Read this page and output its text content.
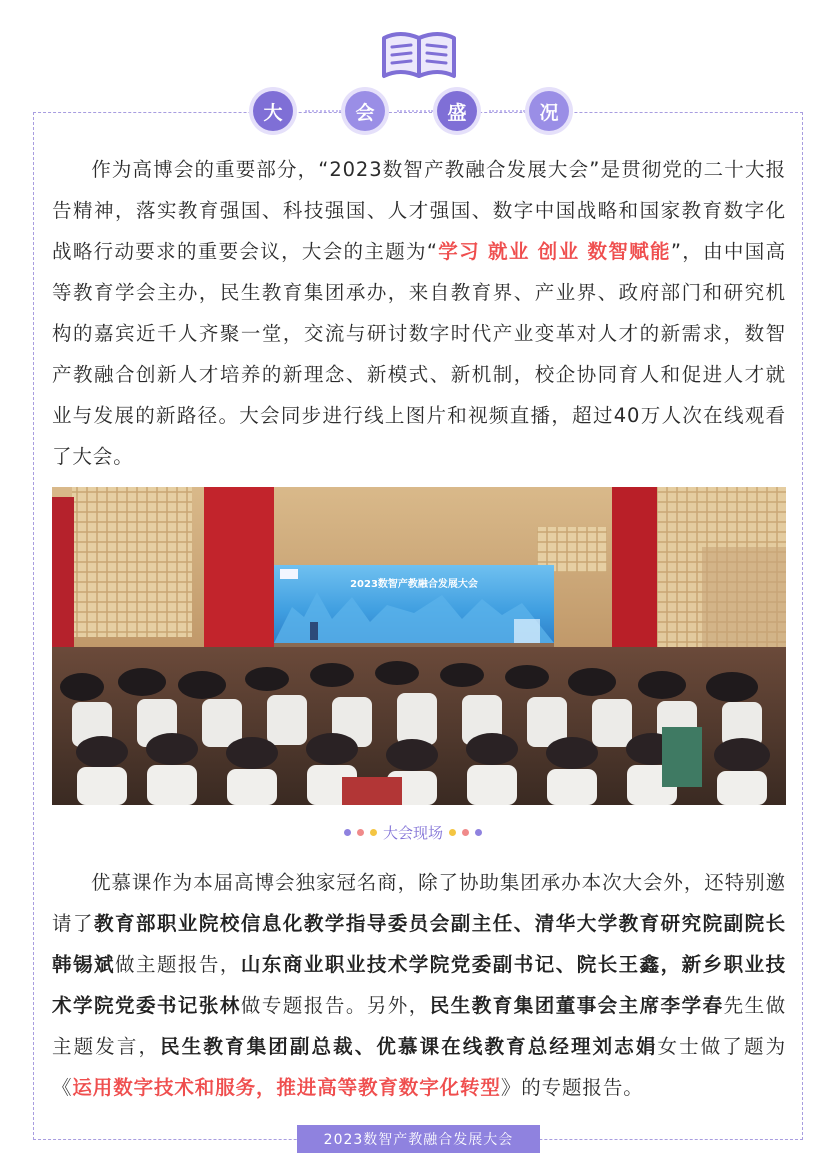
大	会	盛	况

作为高博会的重要部分，“2023数智产教融合发展大会”是贯彻党的二十大报告精神，落实教育强国、科技强国、人才强国、数字中国战略和国家教育数字化战略行动要求的重要会议，大会的主题为“学习 就业 创业 数智赋能”，由中国高等教育学会主办，民生教育集团承办，来自教育界、产业界、政府部门和研究机构的嘉宾近千人齐聚一堂，交流与研讨数字时代产业变革对人才的新需求，数智产教融合创新人才培养的新理念、新模式、新机制，校企协同育人和促进人才就业与发展的新路径。大会同步进行线上图片和视频直播，超过40万人次在线观看了大会。

2023数智产教融合发展大会
大会现场

优慕课作为本届高博会独家冠名商，除了协助集团承办本次大会外，还特别邀请了教育部职业院校信息化教学指导委员会副主任、清华大学教育研究院副院长韩锡斌做主题报告，山东商业职业技术学院党委副书记、院长王鑫，新乡职业技术学院党委书记张林做专题报告。另外，民生教育集团董事会主席李学春先生做主题发言，民生教育集团副总裁、优慕课在线教育总经理刘志娟女士做了题为《运用数字技术和服务，推进高等教育数字化转型》的专题报告。

2023数智产教融合发展大会
